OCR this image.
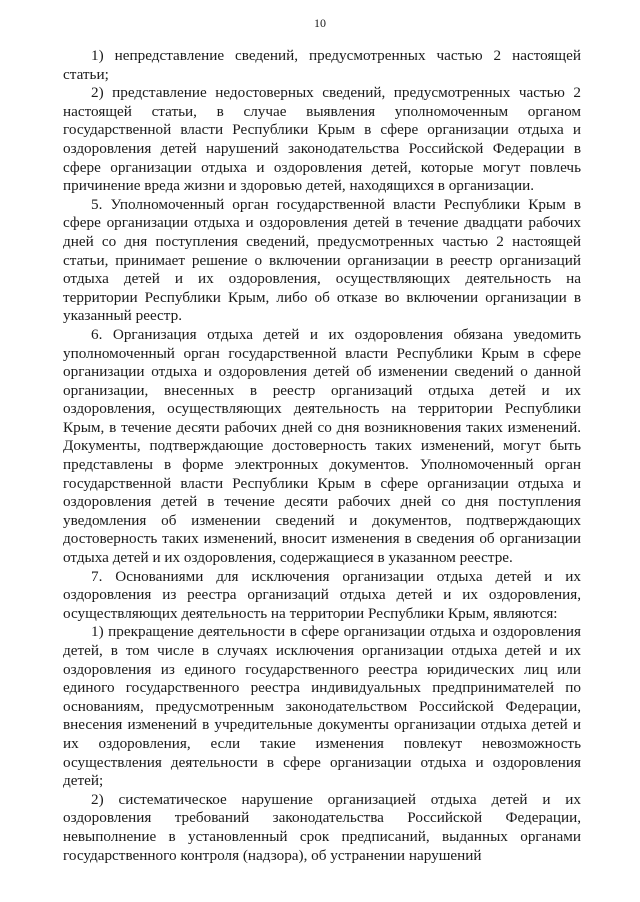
10

1) непредставление сведений, предусмотренных частью 2 настоящей статьи;

2) представление недостоверных сведений, предусмотренных частью 2 настоящей статьи, в случае выявления уполномоченным органом государственной власти Республики Крым в сфере организации отдыха и оздоровления детей нарушений законодательства Российской Федерации в сфере организации отдыха и оздоровления детей, которые могут повлечь причинение вреда жизни и здоровью детей, находящихся в организации.

5. Уполномоченный орган государственной власти Республики Крым в сфере организации отдыха и оздоровления детей в течение двадцати рабочих дней со дня поступления сведений, предусмотренных частью 2 настоящей статьи, принимает решение о включении организации в реестр организаций отдыха детей и их оздоровления, осуществляющих деятельность на территории Республики Крым, либо об отказе во включении организации в указанный реестр.

6. Организация отдыха детей и их оздоровления обязана уведомить уполномоченный орган государственной власти Республики Крым в сфере организации отдыха и оздоровления детей об изменении сведений о данной организации, внесенных в реестр организаций отдыха детей и их оздоровления, осуществляющих деятельность на территории Республики Крым, в течение десяти рабочих дней со дня возникновения таких изменений. Документы, подтверждающие достоверность таких изменений, могут быть представлены в форме электронных документов. Уполномоченный орган государственной власти Республики Крым в сфере организации отдыха и оздоровления детей в течение десяти рабочих дней со дня поступления уведомления об изменении сведений и документов, подтверждающих достоверность таких изменений, вносит изменения в сведения об организации отдыха детей и их оздоровления, содержащиеся в указанном реестре.

7. Основаниями для исключения организации отдыха детей и их оздоровления из реестра организаций отдыха детей и их оздоровления, осуществляющих деятельность на территории Республики Крым, являются:

1) прекращение деятельности в сфере организации отдыха и оздоровления детей, в том числе в случаях исключения организации отдыха детей и их оздоровления из единого государственного реестра юридических лиц или единого государственного реестра индивидуальных предпринимателей по основаниям, предусмотренным законодательством Российской Федерации, внесения изменений в учредительные документы организации отдыха детей и их оздоровления, если такие изменения повлекут невозможность осуществления деятельности в сфере организации отдыха и оздоровления детей;

2) систематическое нарушение организацией отдыха детей и их оздоровления требований законодательства Российской Федерации, невыполнение в установленный срок предписаний, выданных органами государственного контроля (надзора), об устранении нарушений
